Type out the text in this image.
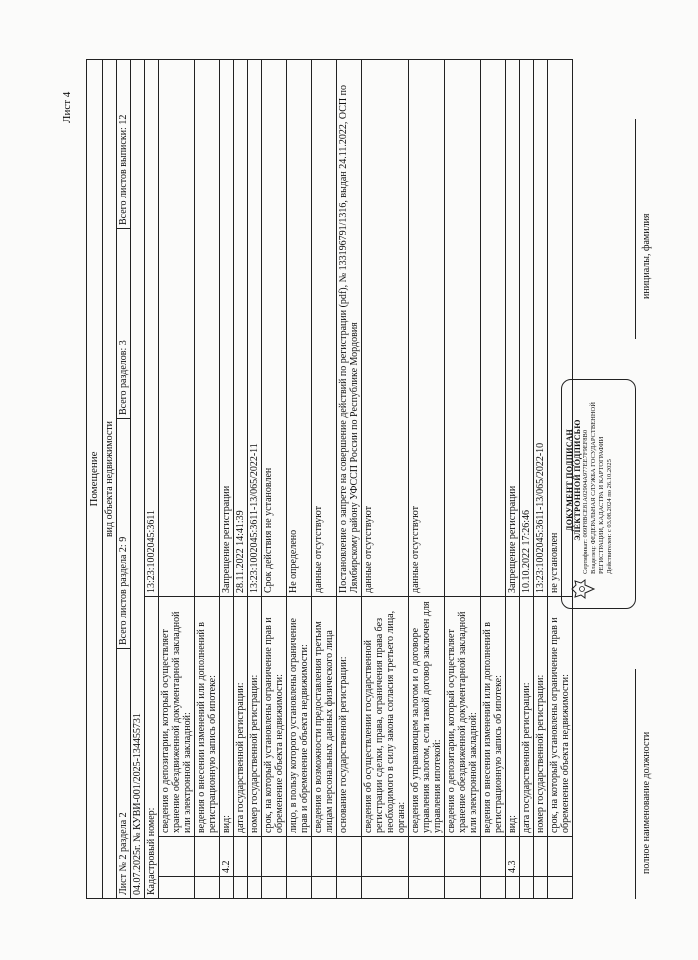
Лист 4
Помещение вид объекта недвижимости
Лист № 2 раздела 2
Всего листов раздела 2: 9
Всего разделов: 3
Всего листов выписки: 12
04.07.2025г. № КУВИ-001/2025-134455731 Кадастровый номер:
13:23:1002045:3611
сведения о депозитарии, который осуществляет хранение обездвиженной документарной закладной или электронной закладной: ведения о внесении изменений или дополнений в регистрационную запись об ипотеке:
4.2
вид:
Запрещение регистрации
дата государственной регистрации:
28.11.2022 14:41:39
номер государственной регистрации:
13:23:1002045:3611-13/065/2022-11
срок, на который установлены ограничение прав и обременение объекта недвижимости:
Срок действия не установлен
лицо, в пользу которого установлены ограничение прав и обременение объекта недвижимости:
Не определено
сведения о возможности предоставления третьим лицам персональных данных физического лица
данные отсутствуют
основание государственной регистрации:
Постановление о запрете на совершение действий по регистрации (pdf), № 133196791/1316, выдан 24.11.2022, ОСП по Лямбирскому району УФССП России по Республике Мордовия
сведения об осуществлении государственной регистрации сделки, права, ограничения права без необходимого в силу закона согласия третьего лица, органа:
данные отсутствуют
сведения об управляющем залогом и о договоре управления залогом, если такой договор заключен для управления ипотекой:
данные отсутствуют
сведения о депозитарии, который осуществляет хранение обездвиженной документарной закладной или электронной закладной: ведения о внесении изменений или дополнений в регистрационную запись об ипотеке:
4.3
вид:
Запрещение регистрации
дата государственной регистрации:
10.10.2022 17:26:46
номер государственной регистрации:
13:23:1002045:3611-13/065/2022-10
срок, на который установлены ограничение прав и обременение объекта недвижимости:
не установлен
ДОКУМЕНТ ПОДПИСАН ЭЛЕКТРОННОЙ ПОДПИСЬЮ Сертификат: 009F8BCE81A02904A977EE7F9EF8B0 Владелец: ФЕДЕРАЛЬНАЯ СЛУЖБА ГОСУДАРСТВЕННОЙ РЕГИСТРАЦИИ, КАДАСТРА И КАРТОГРАФИИ Действителен: с 03.08.2024 по 26.10.2025
полное наименование должности
инициалы, фамилия
